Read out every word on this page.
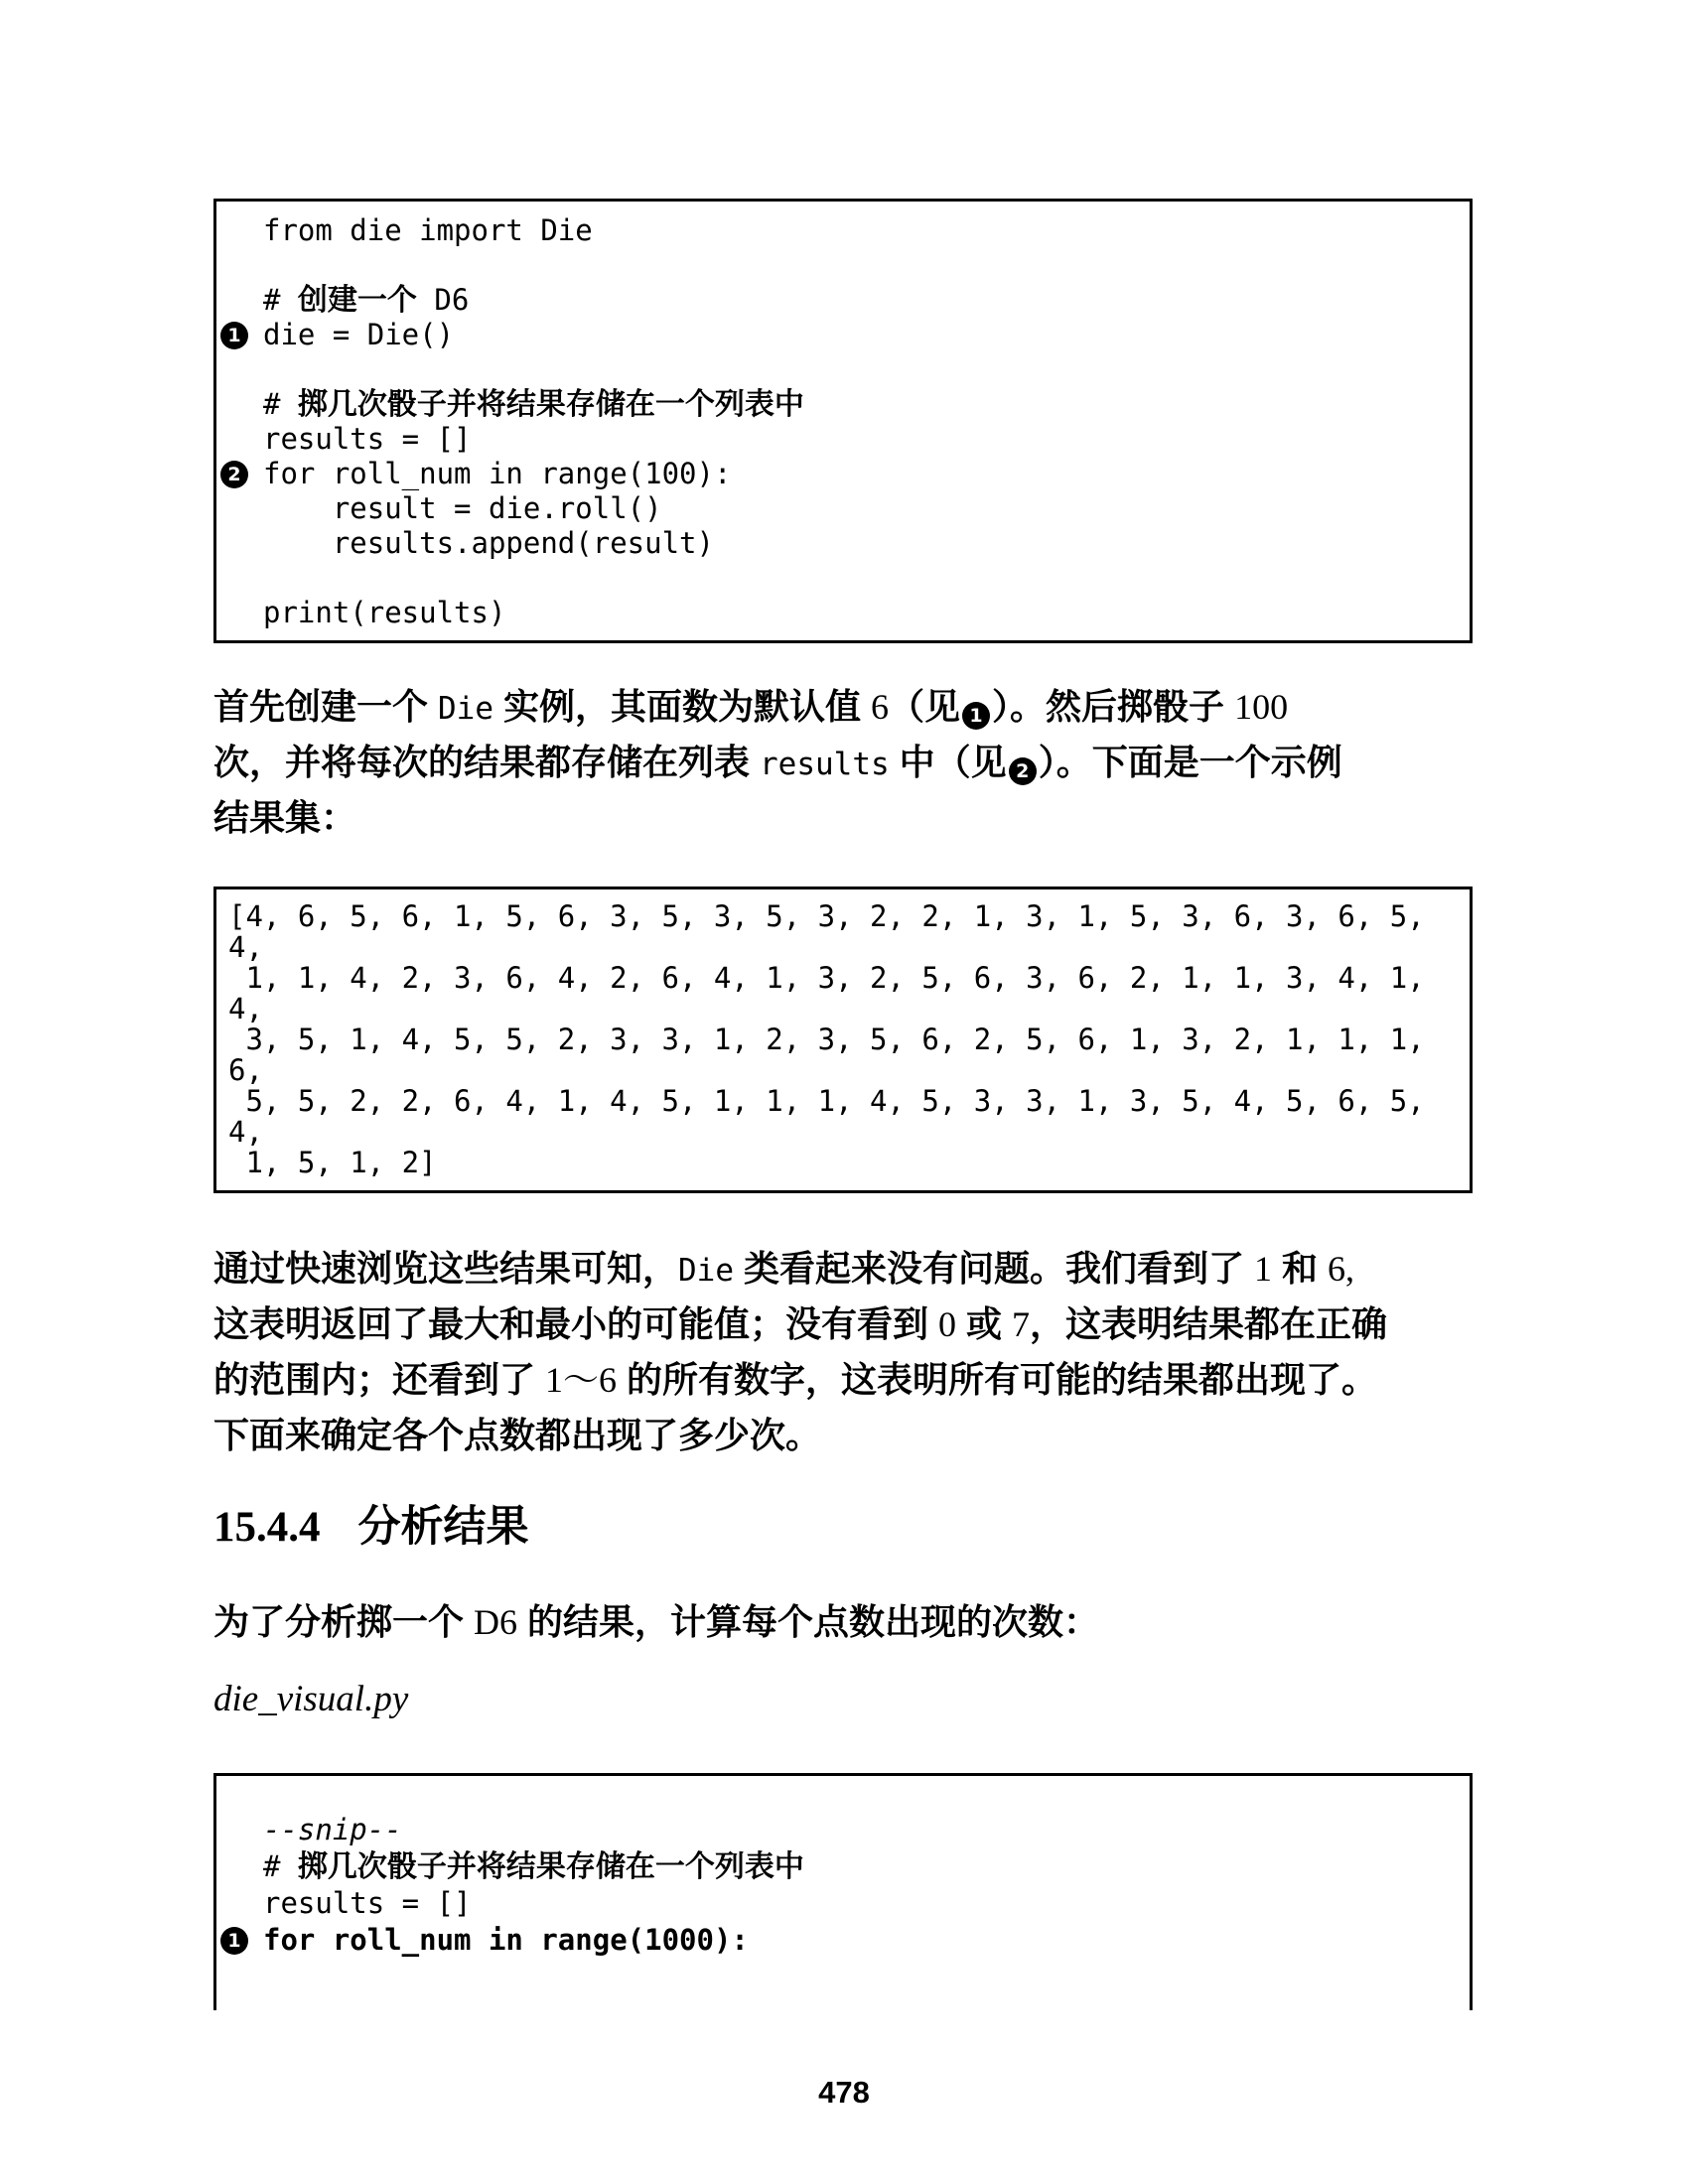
from die import Die

# 创建一个 D6
1 die = Die()

# 掷几次骰子并将结果存储在一个列表中
results = []
2 for roll_num in range(100):
result = die.roll()
results.append(result)

print(results)
首先创建一个 Die 实例，其面数为默认值 6（见 1 ）。然后掷骰子 100
次，并将每次的结果都存储在列表 results 中（见 2 ）。下面是一个示例
结果集：
[4, 6, 5, 6, 1, 5, 6, 3, 5, 3, 5, 3, 2, 2, 1, 3, 1, 5, 3, 6, 3, 6, 5,
4,
1, 1, 4, 2, 3, 6, 4, 2, 6, 4, 1, 3, 2, 5, 6, 3, 6, 2, 1, 1, 3, 4, 1,
4,
3, 5, 1, 4, 5, 5, 2, 3, 3, 1, 2, 3, 5, 6, 2, 5, 6, 1, 3, 2, 1, 1, 1,
6,
5, 5, 2, 2, 6, 4, 1, 4, 5, 1, 1, 1, 4, 5, 3, 3, 1, 3, 5, 4, 5, 6, 5,
4,
1, 5, 1, 2]
通过快速浏览这些结果可知，Die 类看起来没有问题。我们看到了 1 和 6,
这表明返回了最大和最小的可能值；没有看到 0 或 7，这表明结果都在正确
的范围内；还看到了 1～6 的所有数字，这表明所有可能的结果都出现了。
下面来确定各个点数都出现了多少次。
15.4.4 分析结果
为了分析掷一个 D6 的结果，计算每个点数出现的次数：
die_visual.py
--snip--
# 掷几次骰子并将结果存储在一个列表中
results = []
1 for roll_num in range(1000):
478
